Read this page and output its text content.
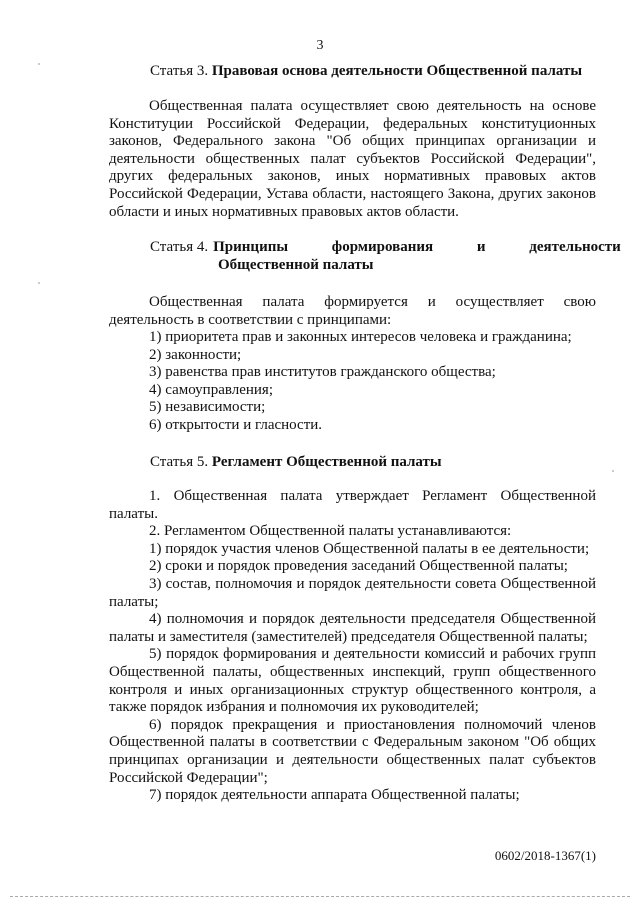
3
Статья 3. Правовая основа деятельности Общественной палаты
Общественная палата осуществляет свою деятельность на основе Конституции Российской Федерации, федеральных конституционных законов, Федерального закона "Об общих принципах организации и деятельности общественных палат субъектов Российской Федерации", других федеральных законов, иных нормативных правовых актов Российской Федерации, Устава области, настоящего Закона, других законов области и иных нормативных правовых актов области.
Статья 4. Принципы формирования и деятельности
Общественной палаты
Общественная палата формируется и осуществляет свою деятельность в соответствии с принципами:
1) приоритета прав и законных интересов человека и гражданина;
2) законности;
3) равенства прав институтов гражданского общества;
4) самоуправления;
5) независимости;
6) открытости и гласности.
Статья 5. Регламент Общественной палаты
1. Общественная палата утверждает Регламент Общественной палаты.
2. Регламентом Общественной палаты устанавливаются:
1) порядок участия членов Общественной палаты в ее деятельности;
2) сроки и порядок проведения заседаний Общественной палаты;
3) состав, полномочия и порядок деятельности совета Общественной палаты;
4) полномочия и порядок деятельности председателя Общественной палаты и заместителя (заместителей) председателя Общественной палаты;
5) порядок формирования и деятельности комиссий и рабочих групп Общественной палаты, общественных инспекций, групп общественного контроля и иных организационных структур общественного контроля, а также порядок избрания и полномочия их руководителей;
6) порядок прекращения и приостановления полномочий членов Общественной палаты в соответствии с Федеральным законом "Об общих принципах организации и деятельности общественных палат субъектов Российской Федерации";
7) порядок деятельности аппарата Общественной палаты;
0602/2018-1367(1)
